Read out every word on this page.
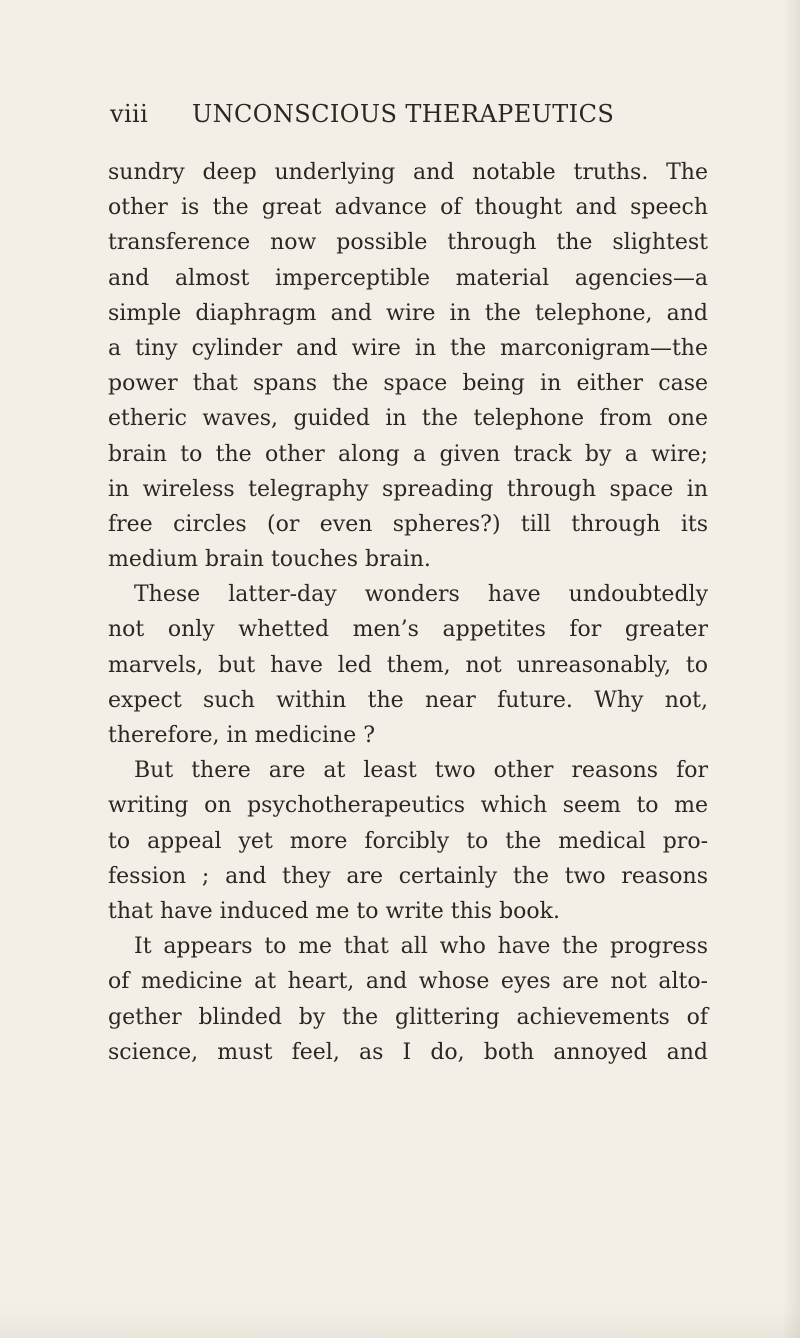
viii UNCONSCIOUS THERAPEUTICS
sundry deep underlying and notable truths. The
other is the great advance of thought and speech
transference now possible through the slightest
and almost imperceptible material agencies—a
simple diaphragm and wire in the telephone, and
a tiny cylinder and wire in the marconigram—the
power that spans the space being in either case
etheric waves, guided in the telephone from one
brain to the other along a given track by a wire;
in wireless telegraphy spreading through space in
free circles (or even spheres?) till through its
medium brain touches brain.
These latter-day wonders have undoubtedly
not only whetted men’s appetites for greater
marvels, but have led them, not unreasonably, to
expect such within the near future. Why not,
therefore, in medicine ?
But there are at least two other reasons for
writing on psychotherapeutics which seem to me
to appeal yet more forcibly to the medical pro-
fession ; and they are certainly the two reasons
that have induced me to write this book.
It appears to me that all who have the progress
of medicine at heart, and whose eyes are not alto-
gether blinded by the glittering achievements of
science, must feel, as I do, both annoyed and
